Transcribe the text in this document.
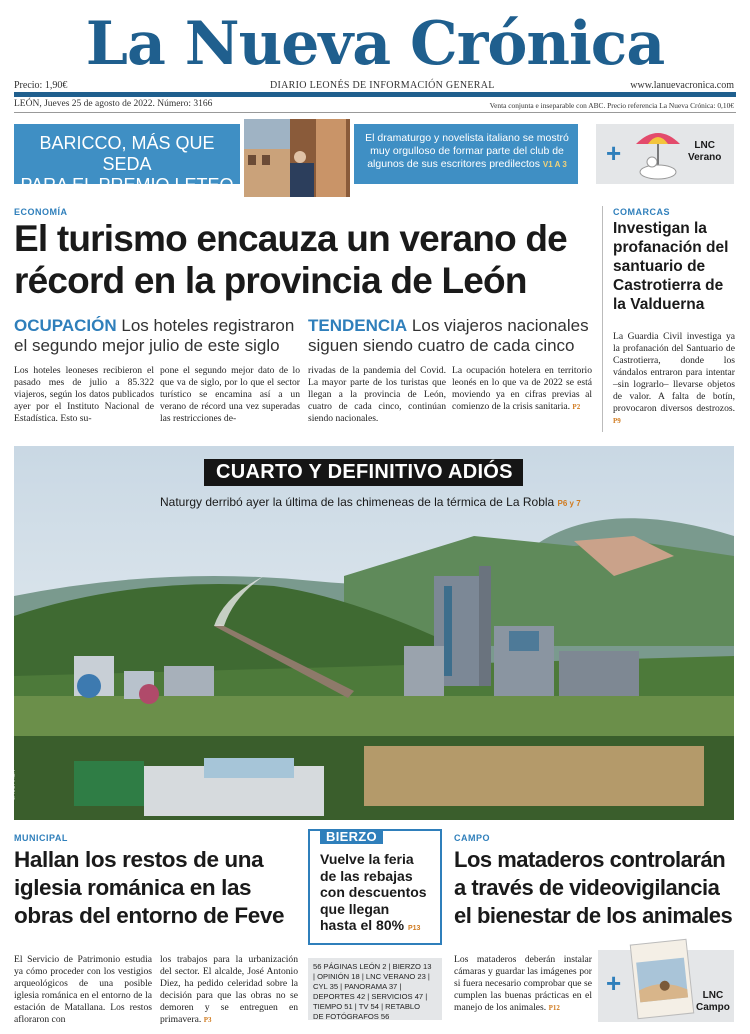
La Nueva Crónica
Precio: 1,90€	DIARIO LEONÉS DE INFORMACIÓN GENERAL	www.lanuevacronica.com
LEÓN, Jueves 25 de agosto de 2022. Número: 3166	Venta conjunta e inseparable con ABC. Precio referencia La Nueva Crónica: 0,10€
BARICCO, MÁS QUE SEDA
PARA EL PREMIO LETEO
El dramaturgo y novelista italiano se mostró
muy orgulloso de formar parte del club de
algunos de sus escritores predilectos V1 A 3 +	LNC
Verano
ECONOMÍA
El turismo encauza un verano de
récord en la provincia de León
OCUPACIÓN Los hoteles registraron
el segundo mejor julio de este siglo
TENDENCIA Los viajeros nacionales
siguen siendo cuatro de cada cinco
Los hoteles leoneses recibieron el pasado mes de julio a 85.322 viajeros, según los datos publicados ayer por el Instituto Nacional de Estadística. Esto su-
pone el segundo mejor dato de lo que va de siglo, por lo que el sector turístico se encamina así a un verano de récord una vez superadas las restricciones de-
rivadas de la pandemia del Covid. La mayor parte de los turistas que llegan a la provincia de León, cuatro de cada cinco, continúan siendo nacionales.
La ocupación hotelera en territorio leonés en lo que va de 2022 se está moviendo ya en cifras previas al comienzo de la crisis sanitaria. P2
COMARCAS
Investigan la
profanación del
santuario de
Castrotierra de
la Valduerna
La Guardia Civil investiga ya la profanación del Santuario de Castrotierra, donde los vándalos entraron para intentar –sin lograrlo– llevarse objetos de valor. A falta de botín, provocaron diversos destrozos. P9
CUARTO Y DEFINITIVO ADIÓS
Naturgy derribó ayer la última de las chimeneas de la térmica de La Robla P6 y 7
SAÚL ARÉN
MUNICIPAL
Hallan los restos de una
iglesia románica en las
obras del entorno de Feve
El Servicio de Patrimonio estudia ya cómo proceder con los vestigios arqueológicos de una posible iglesia románica en el entorno de la estación de Matallana. Los restos afloraron con
los trabajos para la urbanización del sector. El alcalde, José Antonio Diez, ha pedido celeridad sobre la decisión para que las obras no se demoren y se entreguen en primavera. P3
BIERZO
Vuelve la feria
de las rebajas
con descuentos
que llegan
hasta el 80% P13
56 PÁGINAS LEÓN 2 | BIERZO 13
| OPINIÓN 18 | LNC VERANO 23 |
CYL 35 | PANORAMA 37 |
DEPORTES 42 | SERVICIOS 47 |
TIEMPO 51 | TV 54 | RETABLO
DE FOTÓGRAFOS 56
CAMPO
Los mataderos controlarán
a través de videovigilancia
el bienestar de los animales
Los mataderos deberán instalar cámaras y guardar las imágenes por si fuera necesario comprobar que se cumplen las buenas prácticas en el manejo de los animales. P12
+	LNC
Campo
